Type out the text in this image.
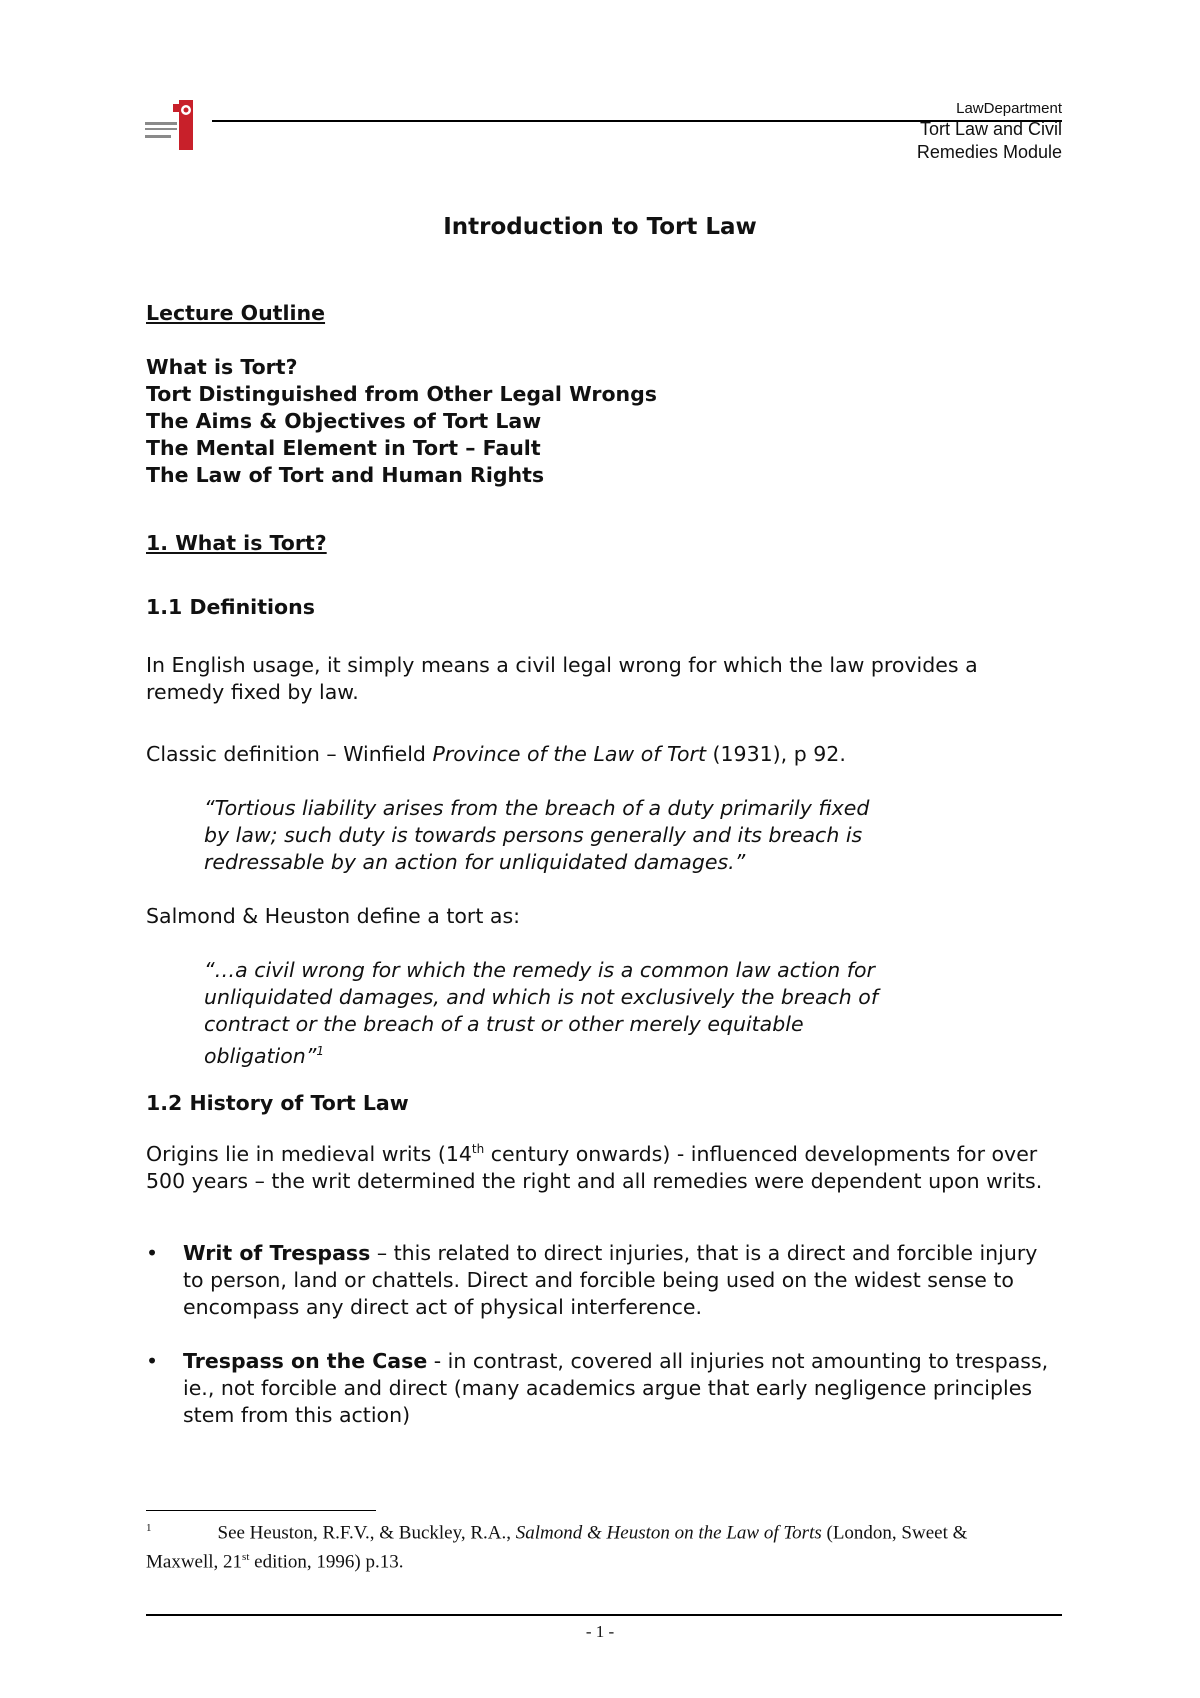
LawDepartment
Tort Law and Civil
Remedies Module
Introduction to Tort Law
Lecture Outline
What is Tort?
Tort Distinguished from Other Legal Wrongs
The Aims & Objectives of Tort Law
The Mental Element in Tort – Fault
The Law of Tort and Human Rights
1. What is Tort?
1.1 Definitions
In English usage, it simply means a civil legal wrong for which the law provides a remedy fixed by law.
Classic definition – Winfield Province of the Law of Tort (1931), p 92.
“Tortious liability arises from the breach of a duty primarily fixed
by law; such duty is towards persons generally and its breach is
redressable by an action for unliquidated damages.”
Salmond & Heuston define a tort as:
“…a civil wrong for which the remedy is a common law action for
unliquidated damages, and which is not exclusively the breach of
contract or the breach of a trust or other merely equitable
obligation”$^1$
1.2 History of Tort Law
Origins lie in medieval writs (14th century onwards) - influenced developments for over 500 years – the writ determined the right and all remedies were dependent upon writs.
• Writ of Trespass – this related to direct injuries, that is a direct and forcible injury to person, land or chattels. Direct and forcible being used on the widest sense to encompass any direct act of physical interference.
• Trespass on the Case - in contrast, covered all injuries not amounting to trespass, ie., not forcible and direct (many academics argue that early negligence principles stem from this action)
$^1$	See Heuston, R.F.V., & Buckley, R.A., Salmond & Heuston on the Law of Torts (London, Sweet & Maxwell, 21st edition, 1996) p.13.
- 1 -
